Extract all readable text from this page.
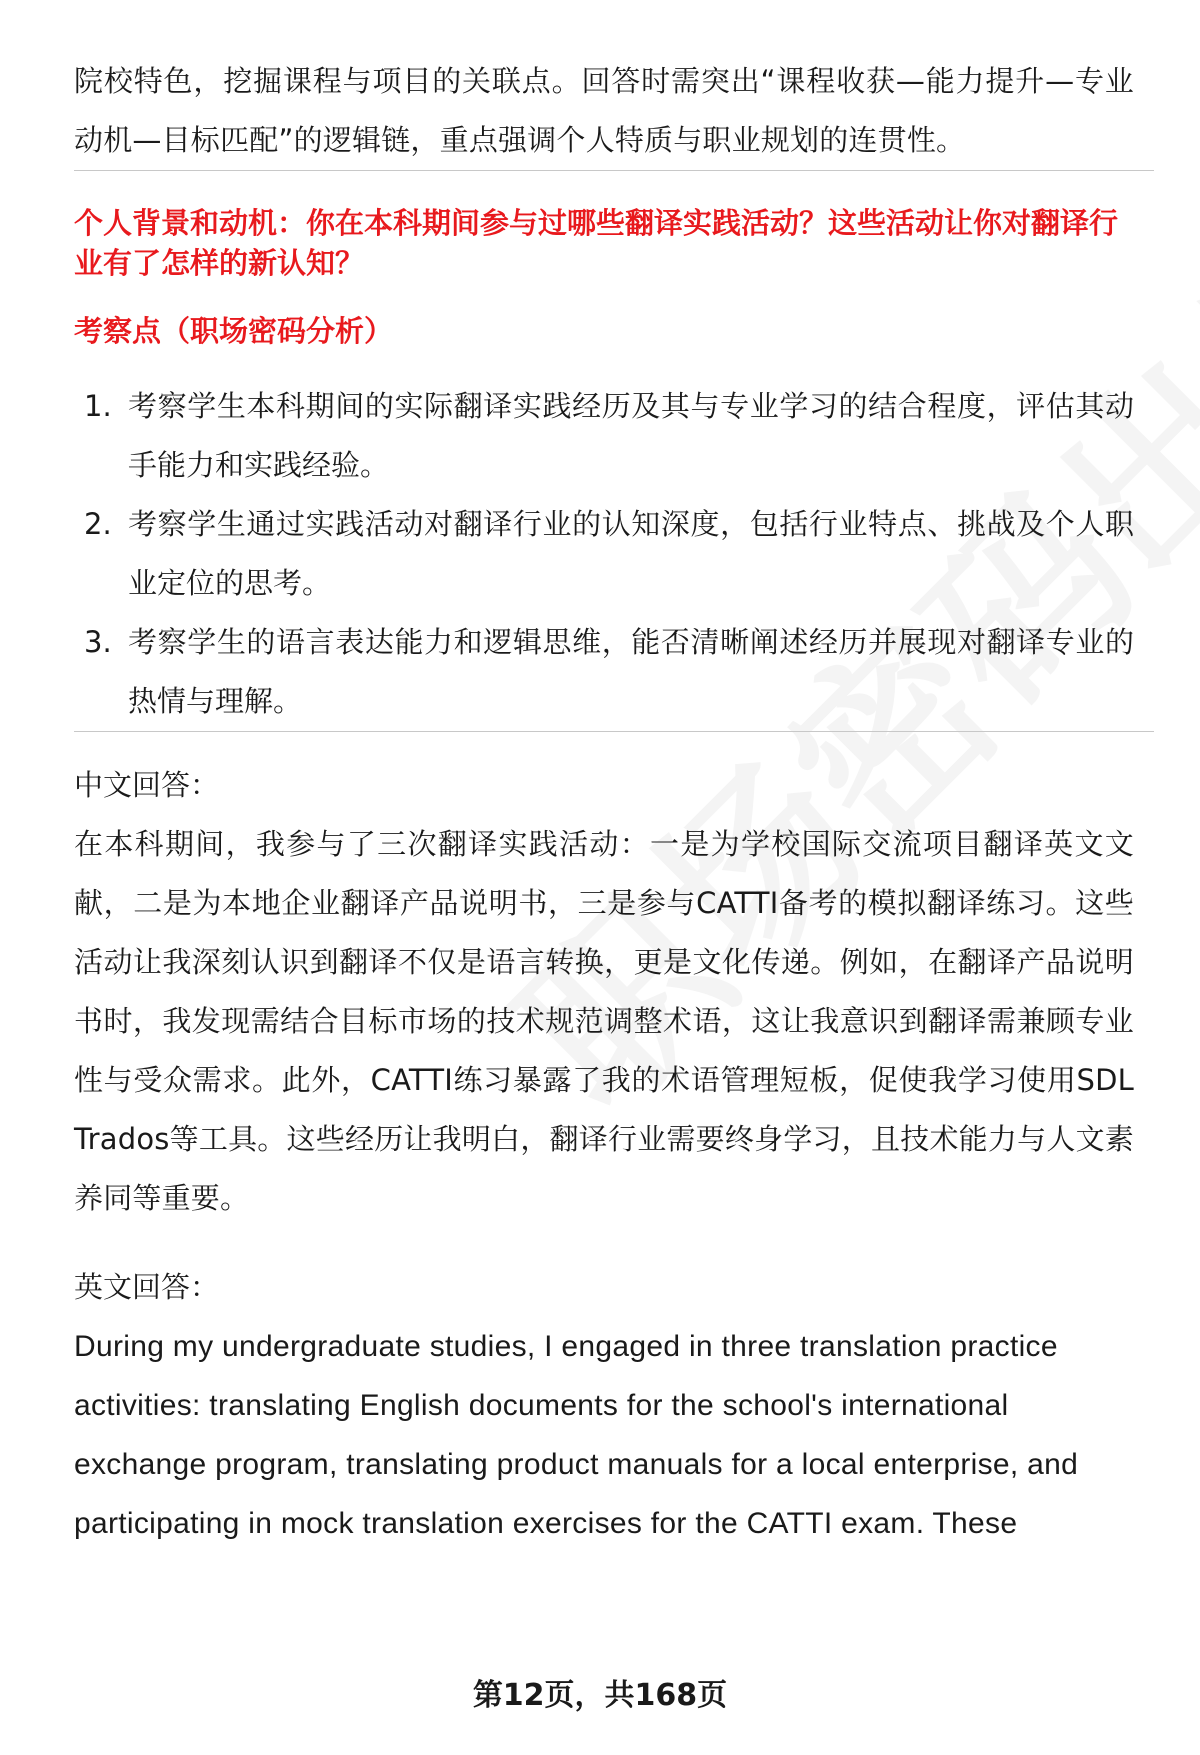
院校特色，挖掘课程与项目的关联点。回答时需突出“课程收获—能力提升—专业动机—目标匹配”的逻辑链，重点强调个人特质与职业规划的连贯性。

个人背景和动机：你在本科期间参与过哪些翻译实践活动？这些活动让你对翻译行业有了怎样的新认知？

考察点（职场密码分析）

1. 考察学生本科期间的实际翻译实践经历及其与专业学习的结合程度，评估其动手能力和实践经验。
2. 考察学生通过实践活动对翻译行业的认知深度，包括行业特点、挑战及个人职业定位的思考。
3. 考察学生的语言表达能力和逻辑思维，能否清晰阐述经历并展现对翻译专业的热情与理解。

中文回答：

在本科期间，我参与了三次翻译实践活动：一是为学校国际交流项目翻译英文文献，二是为本地企业翻译产品说明书，三是参与CATTI备考的模拟翻译练习。这些活动让我深刻认识到翻译不仅是语言转换，更是文化传递。例如，在翻译产品说明书时，我发现需结合目标市场的技术规范调整术语，这让我意识到翻译需兼顾专业性与受众需求。此外，CATTI练习暴露了我的术语管理短板，促使我学习使用SDL Trados等工具。这些经历让我明白，翻译行业需要终身学习，且技术能力与人文素养同等重要。

英文回答：

During my undergraduate studies, I engaged in three translation practice activities: translating English documents for the school's international exchange program, translating product manuals for a local enterprise, and participating in mock translation exercises for the CATTI exam. These

第12页，共168页
